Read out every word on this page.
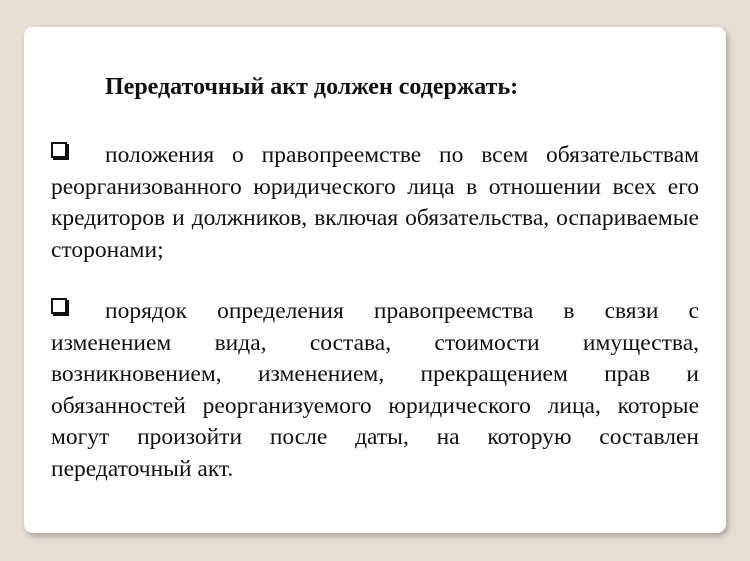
Передаточный акт должен содержать:

положения о правопреемстве по всем обязательствам реорганизованного юридического лица в отношении всех его кредиторов и должников, включая обязательства, оспариваемые сторонами;

порядок определения правопреемства в связи с изменением вида, состава, стоимости имущества, возникновением, изменением, прекращением прав и обязанностей реорганизуемого юридического лица, которые могут произойти после даты, на которую составлен передаточный акт.
